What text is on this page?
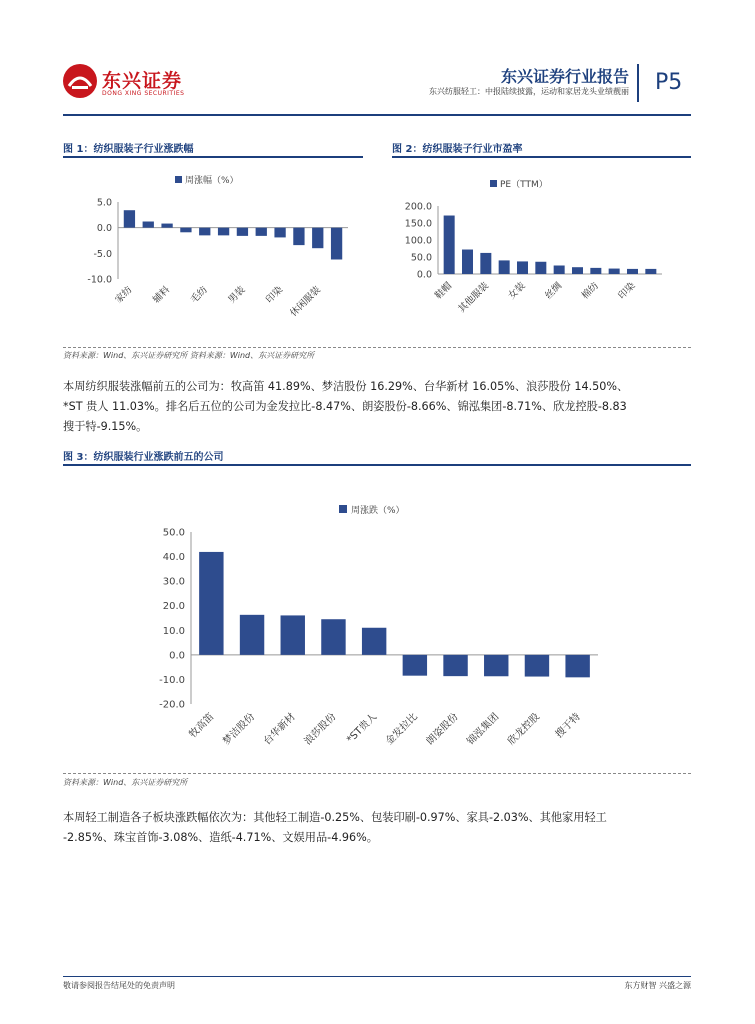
东兴证券
DONG XING SECURITIES
东兴证券行业报告
东兴纺服轻工：中报陆续披露，运动和家居龙头业绩靓丽 P5
图 1：纺织服装子行业涨跌幅	图 2：纺织服装子行业市盈率
周涨幅（%）
5.0
0.0
-5.0
-10.0
家纺 辅料 毛纺 男装 印染 休闲服装
PE（TTM）
200.0
150.0
100.0
50.0
0.0
鞋帽 其他服装 女装 丝绸 棉纺 印染
资料来源：Wind、东兴证券研究所 资料来源：Wind、东兴证券研究所
本周纺织服装涨幅前五的公司为：牧高笛 41.89%、梦洁股份 16.29%、台华新材 16.05%、浪莎股份 14.50%、
*ST 贵人 11.03%。排名后五位的公司为金发拉比-8.47%、朗姿股份-8.66%、锦泓集团-8.71%、欣龙控股-8.83
搜于特-9.15%。
图 3：纺织服装行业涨跌前五的公司
周涨跌（%）
50.0
40.0
30.0
20.0
10.0
0.0
-10.0
-20.0
牧高笛 梦洁股份 台华新材 浪莎股份 *ST贵人 金发拉比 朗姿股份 锦泓集团 欣龙控股 搜于特
资料来源：Wind、东兴证券研究所
本周轻工制造各子板块涨跌幅依次为：其他轻工制造-0.25%、包装印刷-0.97%、家具-2.03%、其他家用轻工
-2.85%、珠宝首饰-3.08%、造纸-4.71%、文娱用品-4.96%。
敬请参阅报告结尾处的免责声明	东方财智 兴盛之源
